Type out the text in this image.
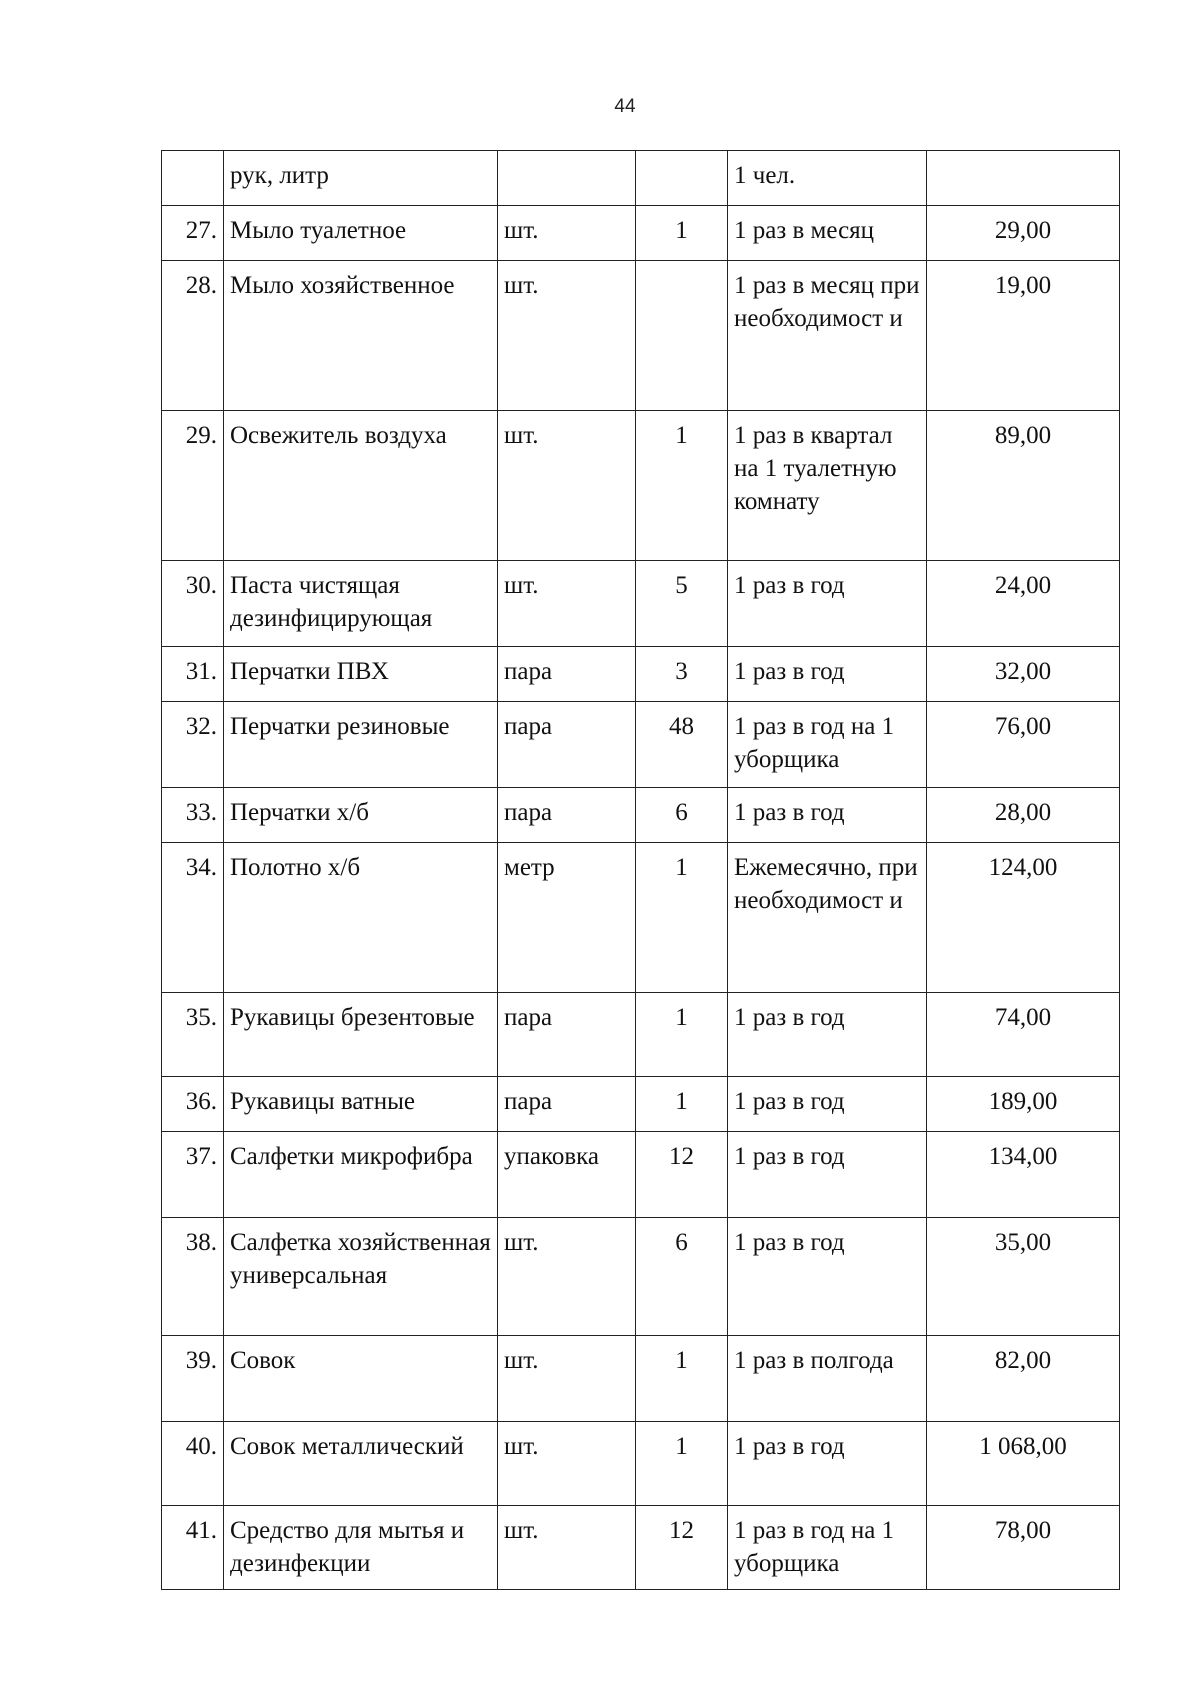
44
	рук, литр			1 чел.	
27.	Мыло туалетное	шт.	1	1 раз в месяц	29,00
28.	Мыло хозяйственное	шт.		1 раз в месяц при необходимост и	19,00
29.	Освежитель воздуха	шт.	1	1 раз в квартал на 1 туалетную комнату	89,00
30.	Паста чистящая дезинфицирующая	шт.	5	1 раз в год	24,00
31.	Перчатки ПВХ	пара	3	1 раз в год	32,00
32.	Перчатки резиновые	пара	48	1 раз в год на 1 уборщика	76,00
33.	Перчатки х/б	пара	6	1 раз в год	28,00
34.	Полотно х/б	метр	1	Ежемесячно, при необходимост и	124,00
35.	Рукавицы брезентовые	пара	1	1 раз в год	74,00
36.	Рукавицы ватные	пара	1	1 раз в год	189,00
37.	Салфетки микрофибра	упаковка	12	1 раз в год	134,00
38.	Салфетка хозяйственная универсальная	шт.	6	1 раз в год	35,00
39.	Совок	шт.	1	1 раз в полгода	82,00
40.	Совок металлический	шт.	1	1 раз в год	1 068,00
41.	Средство для мытья и дезинфекции	шт.	12	1 раз в год на 1 уборщика	78,00
